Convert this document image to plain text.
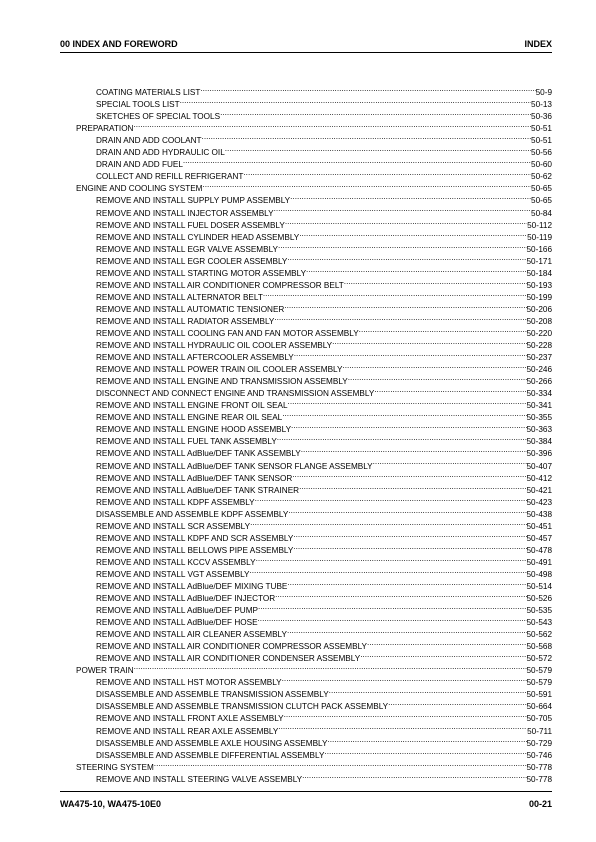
00 INDEX AND FOREWORD	INDEX
COATING MATERIALS LIST .....	50-9
SPECIAL TOOLS LIST .....	50-13
SKETCHES OF SPECIAL TOOLS .....	50-36
PREPARATION .....	50-51
DRAIN AND ADD COOLANT .....	50-51
DRAIN AND ADD HYDRAULIC OIL .....	50-56
DRAIN AND ADD FUEL .....	50-60
COLLECT AND REFILL REFRIGERANT .....	50-62
ENGINE AND COOLING SYSTEM .....	50-65
REMOVE AND INSTALL SUPPLY PUMP ASSEMBLY .....	50-65
REMOVE AND INSTALL INJECTOR ASSEMBLY .....	50-84
REMOVE AND INSTALL FUEL DOSER ASSEMBLY .....	50-112
REMOVE AND INSTALL CYLINDER HEAD ASSEMBLY .....	50-119
REMOVE AND INSTALL EGR VALVE ASSEMBLY .....	50-166
REMOVE AND INSTALL EGR COOLER ASSEMBLY .....	50-171
REMOVE AND INSTALL STARTING MOTOR ASSEMBLY .....	50-184
REMOVE AND INSTALL AIR CONDITIONER COMPRESSOR BELT .....	50-193
REMOVE AND INSTALL ALTERNATOR BELT .....	50-199
REMOVE AND INSTALL AUTOMATIC TENSIONER .....	50-206
REMOVE AND INSTALL RADIATOR ASSEMBLY .....	50-208
REMOVE AND INSTALL COOLING FAN AND FAN MOTOR ASSEMBLY .....	50-220
REMOVE AND INSTALL HYDRAULIC OIL COOLER ASSEMBLY .....	50-228
REMOVE AND INSTALL AFTERCOOLER ASSEMBLY .....	50-237
REMOVE AND INSTALL POWER TRAIN OIL COOLER ASSEMBLY .....	50-246
REMOVE AND INSTALL ENGINE AND TRANSMISSION ASSEMBLY .....	50-266
DISCONNECT AND CONNECT ENGINE AND TRANSMISSION ASSEMBLY .....	50-334
REMOVE AND INSTALL ENGINE FRONT OIL SEAL .....	50-341
REMOVE AND INSTALL ENGINE REAR OIL SEAL .....	50-355
REMOVE AND INSTALL ENGINE HOOD ASSEMBLY .....	50-363
REMOVE AND INSTALL FUEL TANK ASSEMBLY .....	50-384
REMOVE AND INSTALL AdBlue/DEF TANK ASSEMBLY .....	50-396
REMOVE AND INSTALL AdBlue/DEF TANK SENSOR FLANGE ASSEMBLY .....	50-407
REMOVE AND INSTALL AdBlue/DEF TANK SENSOR .....	50-412
REMOVE AND INSTALL AdBlue/DEF TANK STRAINER .....	50-421
REMOVE AND INSTALL KDPF ASSEMBLY .....	50-423
DISASSEMBLE AND ASSEMBLE KDPF ASSEMBLY .....	50-438
REMOVE AND INSTALL SCR ASSEMBLY .....	50-451
REMOVE AND INSTALL KDPF AND SCR ASSEMBLY .....	50-457
REMOVE AND INSTALL BELLOWS PIPE ASSEMBLY .....	50-478
REMOVE AND INSTALL KCCV ASSEMBLY .....	50-491
REMOVE AND INSTALL VGT ASSEMBLY .....	50-498
REMOVE AND INSTALL AdBlue/DEF MIXING TUBE .....	50-514
REMOVE AND INSTALL AdBlue/DEF INJECTOR .....	50-526
REMOVE AND INSTALL AdBlue/DEF PUMP .....	50-535
REMOVE AND INSTALL AdBlue/DEF HOSE .....	50-543
REMOVE AND INSTALL AIR CLEANER ASSEMBLY .....	50-562
REMOVE AND INSTALL AIR CONDITIONER COMPRESSOR ASSEMBLY .....	50-568
REMOVE AND INSTALL AIR CONDITIONER CONDENSER ASSEMBLY .....	50-572
POWER TRAIN .....	50-579
REMOVE AND INSTALL HST MOTOR ASSEMBLY .....	50-579
DISASSEMBLE AND ASSEMBLE TRANSMISSION ASSEMBLY .....	50-591
DISASSEMBLE AND ASSEMBLE TRANSMISSION CLUTCH PACK ASSEMBLY .....	50-664
REMOVE AND INSTALL FRONT AXLE ASSEMBLY .....	50-705
REMOVE AND INSTALL REAR AXLE ASSEMBLY .....	50-711
DISASSEMBLE AND ASSEMBLE AXLE HOUSING ASSEMBLY .....	50-729
DISASSEMBLE AND ASSEMBLE DIFFERENTIAL ASSEMBLY .....	50-746
STEERING SYSTEM .....	50-778
REMOVE AND INSTALL STEERING VALVE ASSEMBLY .....	50-778
WA475-10, WA475-10E0	00-21
